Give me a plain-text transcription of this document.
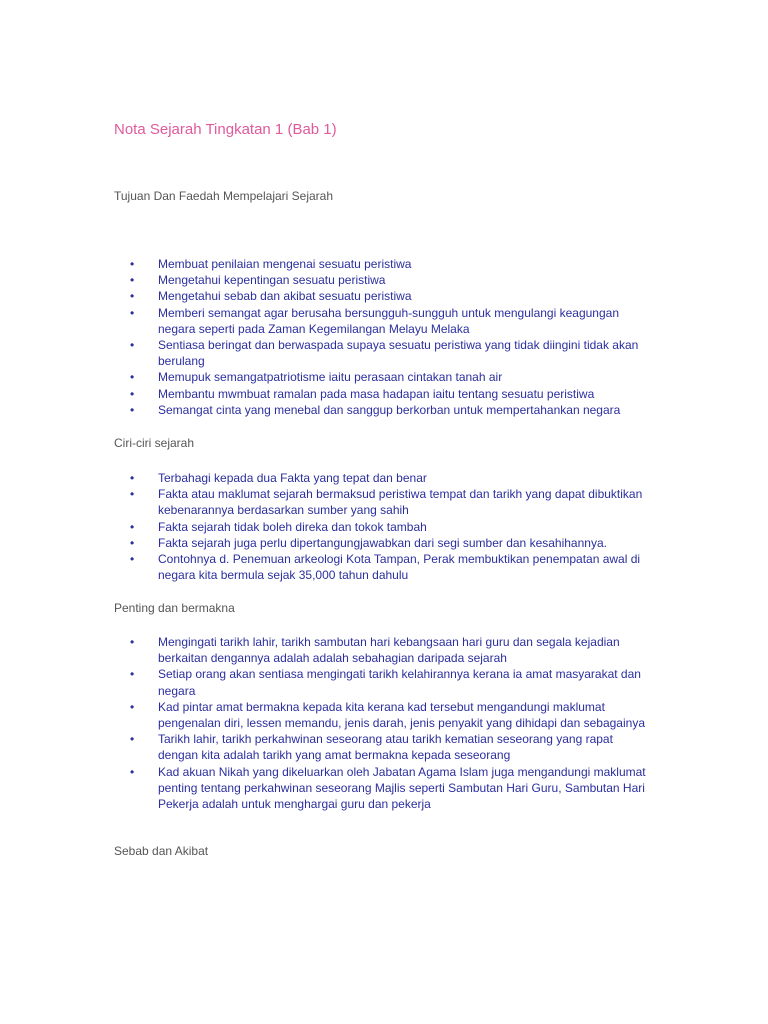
Nota Sejarah Tingkatan 1 (Bab 1)
Tujuan Dan Faedah Mempelajari Sejarah
• Membuat penilaian mengenai sesuatu peristiwa
• Mengetahui kepentingan sesuatu peristiwa
• Mengetahui sebab dan akibat sesuatu peristiwa
• Memberi semangat agar berusaha bersungguh-sungguh untuk mengulangi keagungan negara seperti pada Zaman Kegemilangan Melayu Melaka
• Sentiasa beringat dan berwaspada supaya sesuatu peristiwa yang tidak diingini tidak akan berulang
• Memupuk semangatpatriotisme iaitu perasaan cintakan tanah air
• Membantu mwmbuat ramalan pada masa hadapan iaitu tentang sesuatu peristiwa
• Semangat cinta yang menebal dan sanggup berkorban untuk mempertahankan negara
Ciri-ciri sejarah
• Terbahagi kepada dua Fakta yang tepat dan benar
• Fakta atau maklumat sejarah bermaksud peristiwa tempat dan tarikh yang dapat dibuktikan kebenarannya berdasarkan sumber yang sahih
• Fakta sejarah tidak boleh direka dan tokok tambah
• Fakta sejarah juga perlu dipertangungjawabkan dari segi sumber dan kesahihannya.
• Contohnya d. Penemuan arkeologi Kota Tampan, Perak membuktikan penempatan awal di negara kita bermula sejak 35,000 tahun dahulu
Penting dan bermakna
• Mengingati tarikh lahir, tarikh sambutan hari kebangsaan hari guru dan segala kejadian berkaitan dengannya adalah adalah sebahagian daripada sejarah
• Setiap orang akan sentiasa mengingati tarikh kelahirannya kerana ia amat masyarakat dan negara
• Kad pintar amat bermakna kepada kita kerana kad tersebut mengandungi maklumat pengenalan diri, lessen memandu, jenis darah, jenis penyakit yang dihidapi dan sebagainya
• Tarikh lahir, tarikh perkahwinan seseorang atau tarikh kematian seseorang yang rapat dengan kita adalah tarikh yang amat bermakna kepada seseorang
• Kad akuan Nikah yang dikeluarkan oleh Jabatan Agama Islam juga mengandungi maklumat penting tentang perkahwinan seseorang Majlis seperti Sambutan Hari Guru, Sambutan Hari Pekerja adalah untuk menghargai guru dan pekerja
Sebab dan Akibat
